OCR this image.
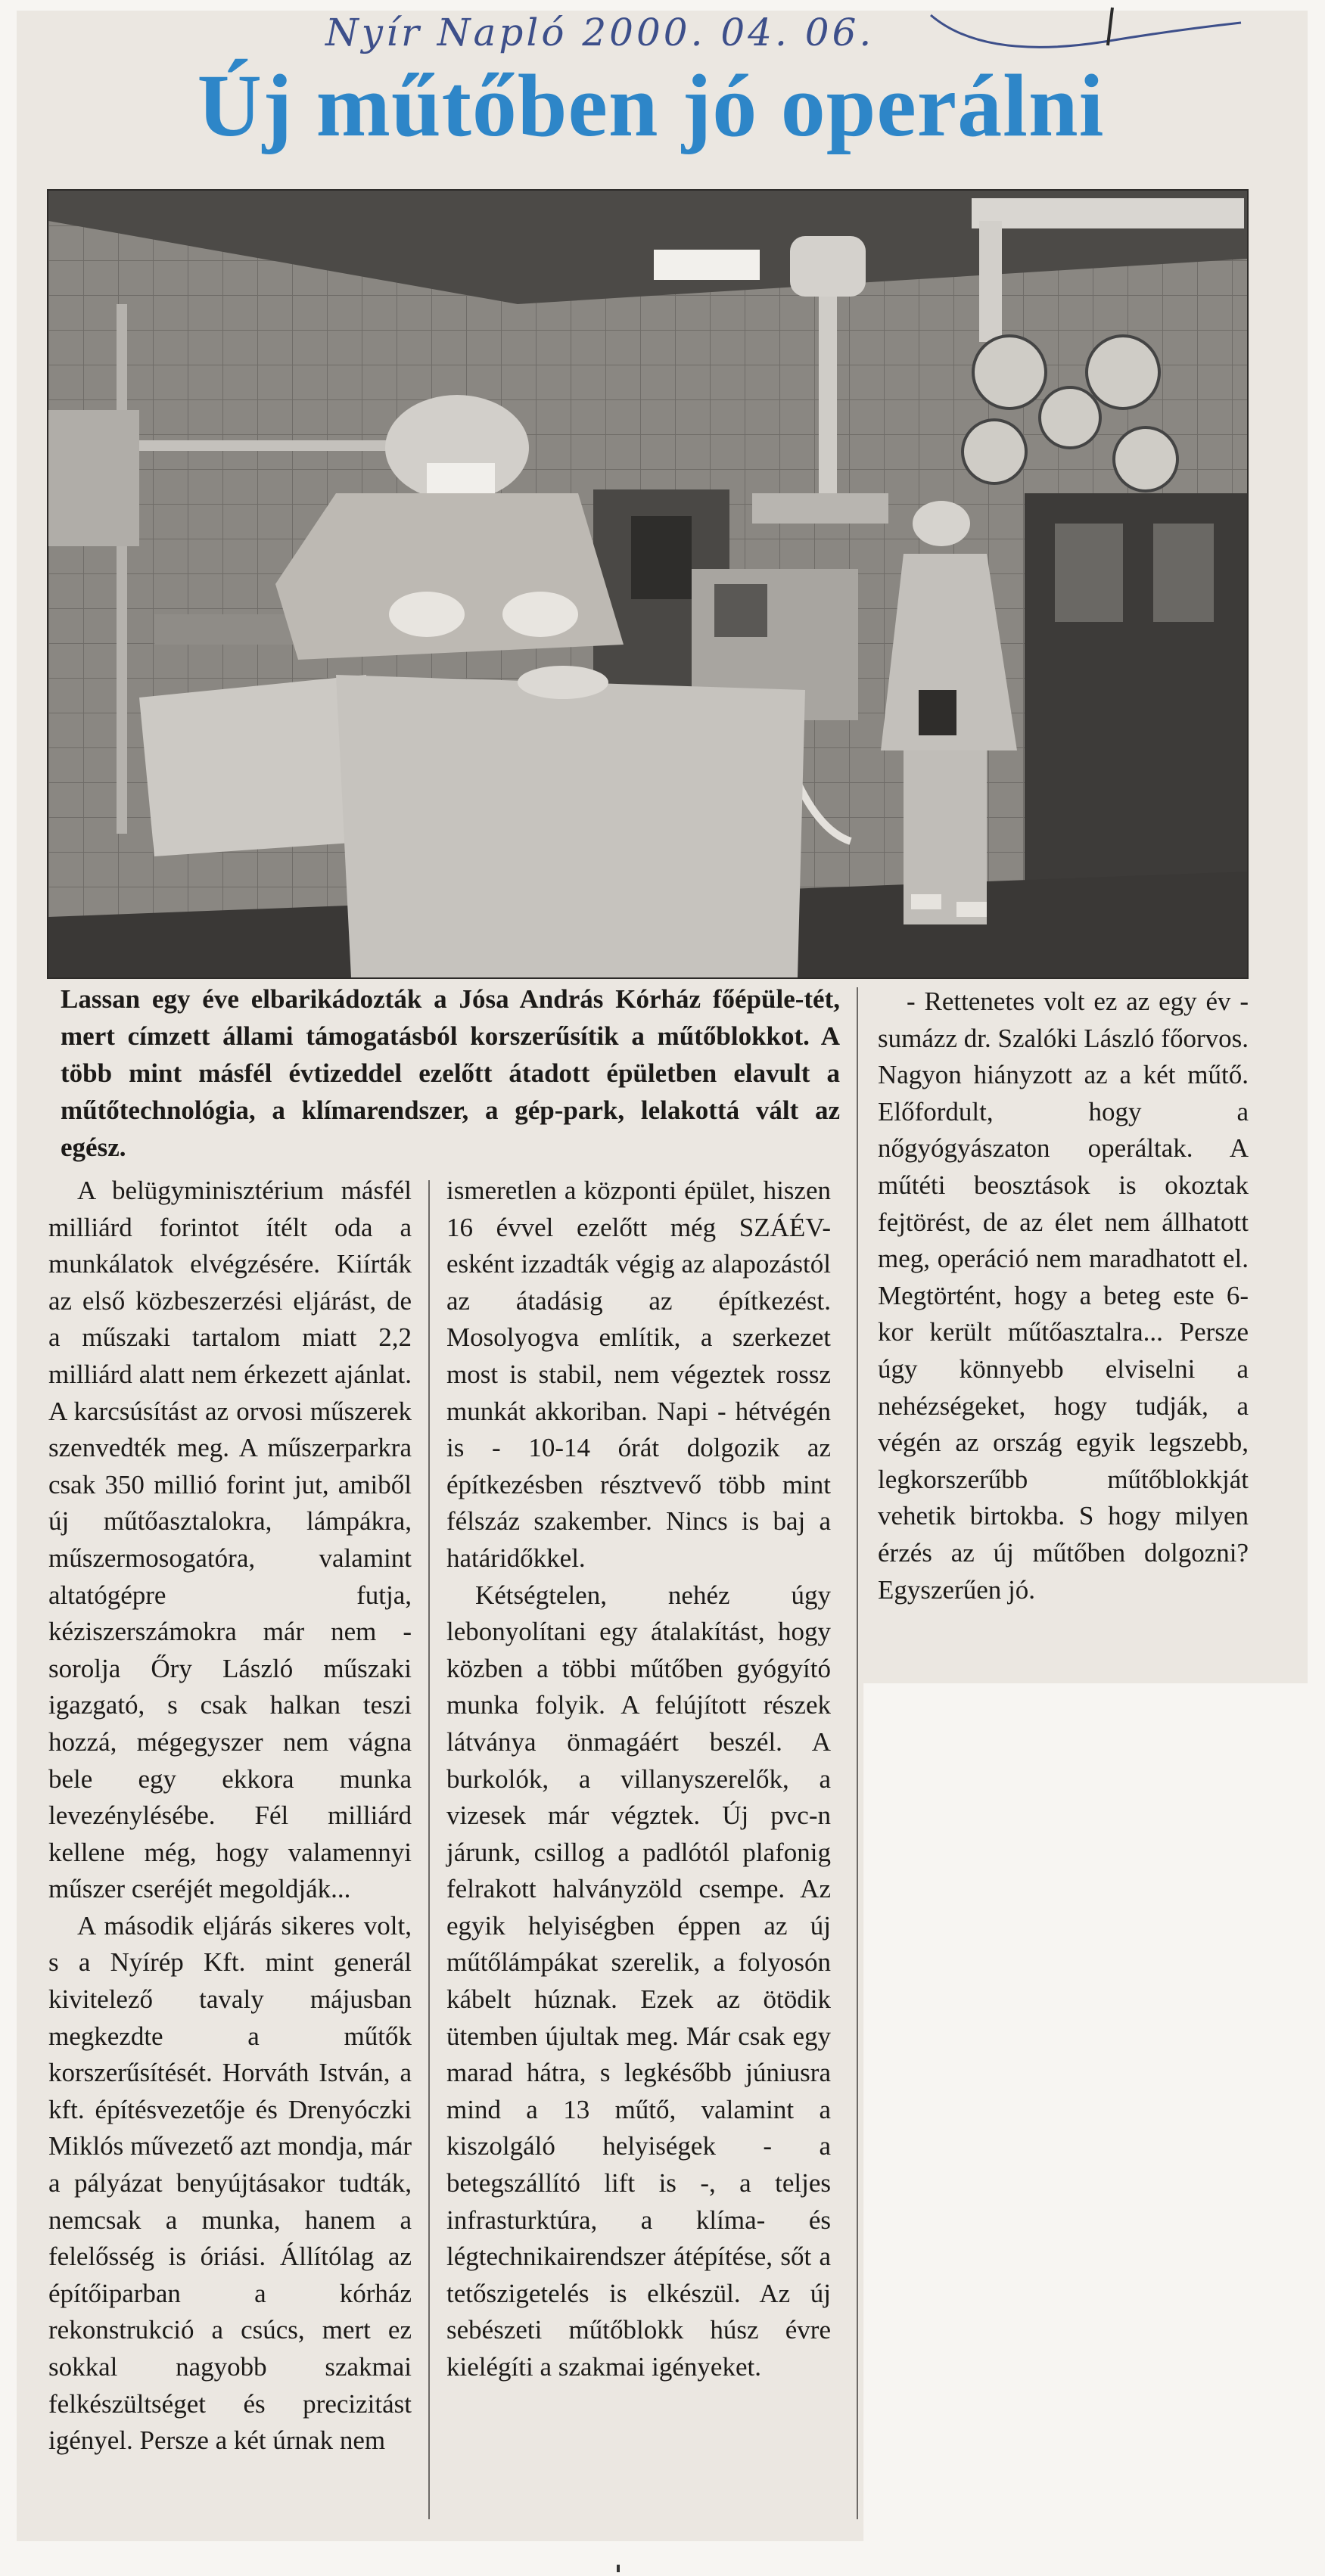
Nyír Napló 2000. 04. 06.
Új műtőben jó operálni
Lassan egy éve elbarikádozták a Jósa András Kórház főépüle-tét, mert címzett állami támogatásból korszerűsítik a műtőblokkot. A több mint másfél évtizeddel ezelőtt átadott épületben elavult a műtőtechnológia, a klímarendszer, a gép-park, lelakottá vált az egész.

A belügyminisztérium másfél milliárd forintot ítélt oda a munkálatok elvégzésére. Kiírták az első közbeszerzési eljárást, de a műszaki tartalom miatt 2,2 milliárd alatt nem érkezett ajánlat. A karcsúsítást az orvosi műszerek szenvedték meg. A műszerparkra csak 350 millió forint jut, amiből új műtőasztalokra, lámpákra, műszermosogatóra, valamint altatógépre futja, kéziszerszámokra már nem - sorolja Őry László műszaki igazgató, s csak halkan teszi hozzá, mégegyszer nem vágna bele egy ekkora munka levezénylésébe. Fél milliárd kellene még, hogy valamennyi műszer cseréjét megoldják...

A második eljárás sikeres volt, s a Nyírép Kft. mint generál kivitelező tavaly májusban megkezdte a műtők korszerűsítését. Horváth István, a kft. építésvezetője és Drenyóczki Miklós művezető azt mondja, már a pályázat benyújtásakor tudták, nemcsak a munka, hanem a felelősség is óriási. Állítólag az építőiparban a kórház rekonstrukció a csúcs, mert ez sokkal nagyobb szakmai felkészültséget és precizitást igényel. Persze a két úrnak nem

ismeretlen a központi épület, hiszen 16 évvel ezelőtt még SZÁÉV-esként izzadták végig az alapozástól az átadásig az építkezést. Mosolyogva említik, a szerkezet most is stabil, nem végeztek rossz munkát akkoriban. Napi - hétvégén is - 10-14 órát dolgozik az építkezésben résztvevő több mint félszáz szakember. Nincs is baj a határidőkkel.

Kétségtelen, nehéz úgy lebonyolítani egy átalakítást, hogy közben a többi műtőben gyógyító munka folyik. A felújított részek látványa önmagáért beszél. A burkolók, a villanyszerelők, a vizesek már végztek. Új pvc-n járunk, csillog a padlótól plafonig felrakott halványzöld csempe. Az egyik helyiségben éppen az új műtőlámpákat szerelik, a folyosón kábelt húznak. Ezek az ötödik ütemben újultak meg. Már csak egy marad hátra, s legkésőbb júniusra mind a 13 műtő, valamint a kiszolgáló helyiségek - a betegszállító lift is -, a teljes infrasturktúra, a klíma- és légtechnikairendszer átépítése, sőt a tetőszigetelés is elkészül. Az új sebészeti műtőblokk húsz évre kielégíti a szakmai igényeket.

- Rettenetes volt ez az egy év - sumázz dr. Szalóki László főorvos. Nagyon hiányzott az a két műtő. Előfordult, hogy a nőgyógyászaton operáltak. A műtéti beosztások is okoztak fejtörést, de az élet nem állhatott meg, operáció nem maradhatott el. Megtörtént, hogy a beteg este 6-kor került műtőasztalra... Persze úgy könnyebb elviselni a nehézségeket, hogy tudják, a végén az ország egyik legszebb, legkorszerűbb műtőblokkját vehetik birtokba. S hogy milyen érzés az új műtőben dolgozni? Egyszerűen jó.
